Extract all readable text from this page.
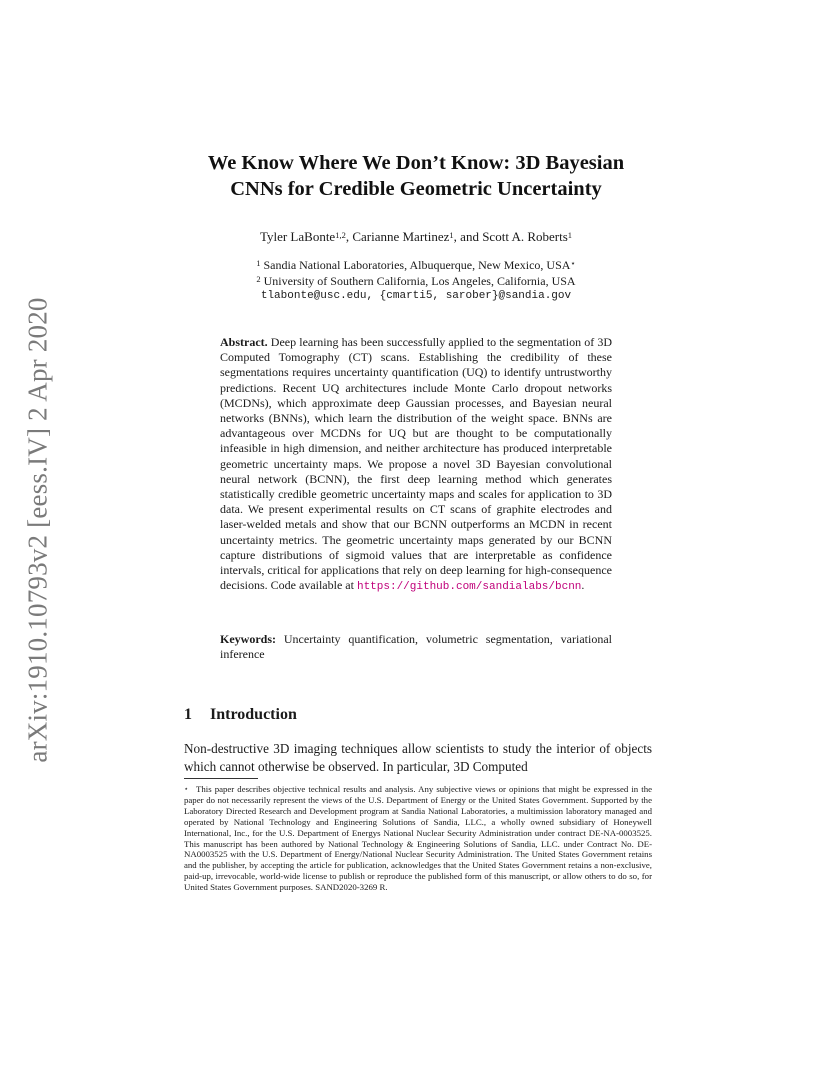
arXiv:1910.10793v2 [eess.IV] 2 Apr 2020
We Know Where We Don’t Know: 3D Bayesian
CNNs for Credible Geometric Uncertainty
Tyler LaBonte$^{1,2}$, Carianne Martinez$^1$, and Scott A. Roberts$^1$
$^1$ Sandia National Laboratories, Albuquerque, New Mexico, USA⋆
$^2$ University of Southern California, Los Angeles, California, USA
tlabonte@usc.edu, {cmarti5, sarober}@sandia.gov

Abstract. Deep learning has been successfully applied to the segmentation of 3D Computed Tomography (CT) scans. Establishing the credibility of these segmentations requires uncertainty quantification (UQ) to identify untrustworthy predictions. Recent UQ architectures include Monte Carlo dropout networks (MCDNs), which approximate deep Gaussian processes, and Bayesian neural networks (BNNs), which learn the distribution of the weight space. BNNs are advantageous over MCDNs for UQ but are thought to be computationally infeasible in high dimension, and neither architecture has produced interpretable geometric uncertainty maps. We propose a novel 3D Bayesian convolutional neural network (BCNN), the first deep learning method which generates statistically credible geometric uncertainty maps and scales for application to 3D data. We present experimental results on CT scans of graphite electrodes and laser-welded metals and show that our BCNN outperforms an MCDN in recent uncertainty metrics. The geometric uncertainty maps generated by our BCNN capture distributions of sigmoid values that are interpretable as confidence intervals, critical for applications that rely on deep learning for high-consequence decisions. Code available at https://github.com/sandialabs/bcnn.

Keywords: Uncertainty quantification, volumetric segmentation, variational inference

1 Introduction

Non-destructive 3D imaging techniques allow scientists to study the interior of objects which cannot otherwise be observed. In particular, 3D Computed

⋆ This paper describes objective technical results and analysis. Any subjective views or opinions that might be expressed in the paper do not necessarily represent the views of the U.S. Department of Energy or the United States Government. Supported by the Laboratory Directed Research and Development program at Sandia National Laboratories, a multimission laboratory managed and operated by National Technology and Engineering Solutions of Sandia, LLC., a wholly owned subsidiary of Honeywell International, Inc., for the U.S. Department of Energys National Nuclear Security Administration under contract DE-NA-0003525. This manuscript has been authored by National Technology & Engineering Solutions of Sandia, LLC. under Contract No. DE-NA0003525 with the U.S. Department of Energy/National Nuclear Security Administration. The United States Government retains and the publisher, by accepting the article for publication, acknowledges that the United States Government retains a non-exclusive, paid-up, irrevocable, world-wide license to publish or reproduce the published form of this manuscript, or allow others to do so, for United States Government purposes. SAND2020-3269 R.
